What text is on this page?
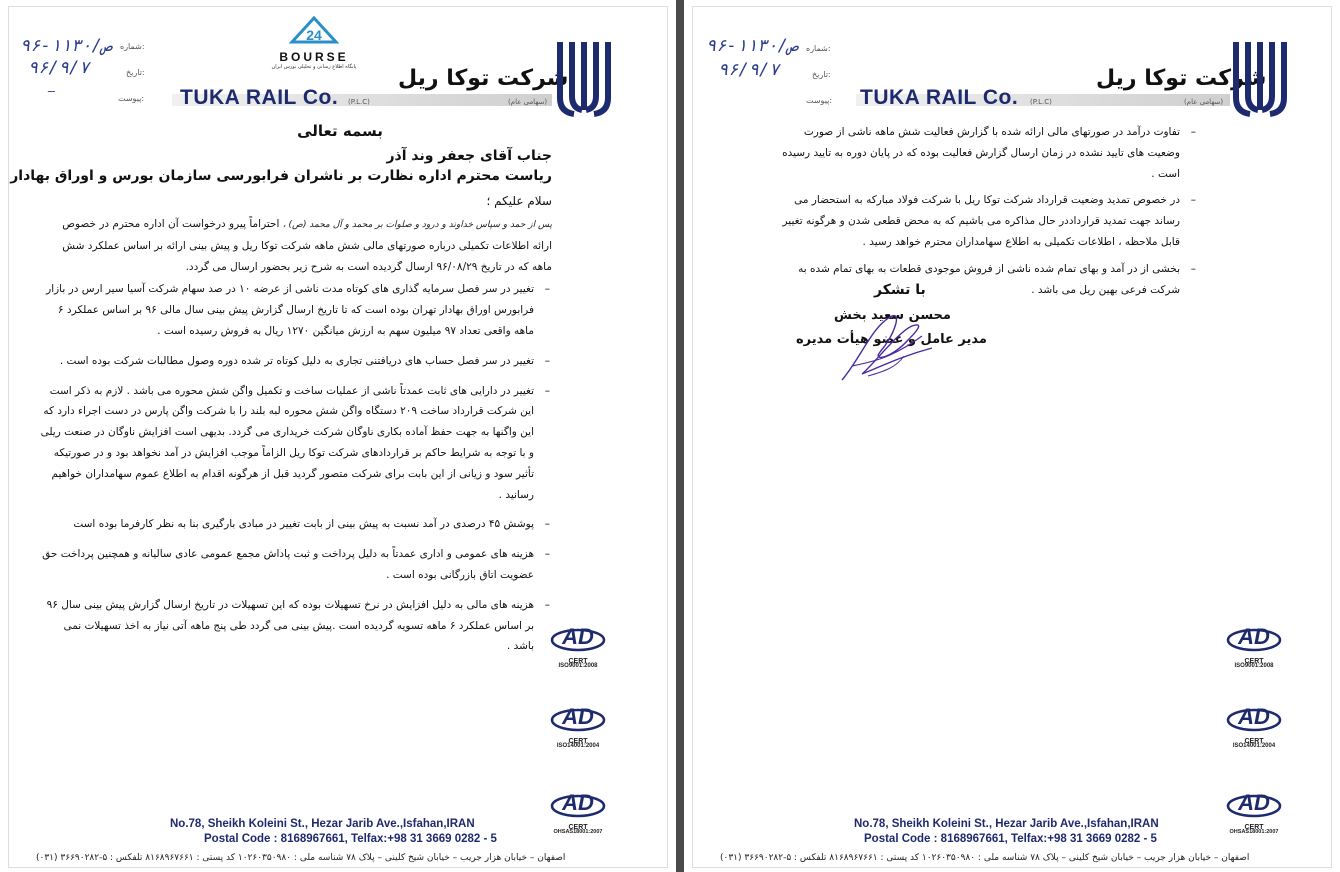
۹۶-۱۱۳۰/ص شماره:
۹۶/۹/۷	تاریخ:
—
پیوست:
24
BOURSE
پایگاه اطلاع رسانی و تحلیلی بورس ایران	شرکت توکا ریل
TUKA RAIL Co. (P.L.C)	(سهامی عام)
بسمه تعالی
جناب آقای جعفر وند آذر
ریاست محترم اداره نظارت بر ناشران فرابورسی سازمان بورس و اوراق بهادار
سلام علیکم ؛

پس از حمد و سپاس خداوند و درود و صلوات بر محمد و آل محمد (ص) ، احتراماً پیرو درخواست آن اداره محترم در خصوص ارائه اطلاعات تکمیلی درباره صورتهای مالی شش ماهه شرکت توکا ریل و پیش بینی ارائه بر اساس عملکرد شش ماهه که در تاریخ ۹۶/۰۸/۲۹ ارسال گردیده است به شرح زیر بحضور ارسال می گردد.

–
تغییر در سر فصل سرمایه گذاری های کوتاه مدت ناشی از عرضه ۱۰ در صد سهام شرکت آسیا سیر ارس در بازار فرابورس اوراق بهادار تهران بوده است که تا تاریخ ارسال گزارش پیش بینی سال مالی ۹۶ بر اساس عملکرد ۶ ماهه واقعی تعداد ۹۷ میلیون سهم به ارزش میانگین ۱۲۷۰ ریال به فروش رسیده است .

–
تغییر در سر فصل حساب های دریافتنی تجاری به دلیل کوتاه تر شده دوره وصول مطالبات شرکت بوده است .

–
تغییر در دارایی های ثابت عمدتاً ناشی از عملیات ساخت و تکمیل واگن شش محوره می باشد . لازم به ذکر است این شرکت قرارداد ساخت ۲۰۹ دستگاه واگن شش محوره لبه بلند را با شرکت واگن پارس در دست اجراء دارد که این واگنها به جهت حفظ آماده بکاری ناوگان شرکت خریداری می گردد. بدیهی است افزایش ناوگان در صنعت ریلی و با توجه به شرایط حاکم بر قراردادهای شرکت توکا ریل الزاماً موجب افزایش در آمد نخواهد بود و در صورتیکه تأثیر سود و زیانی از این بابت برای شرکت متصور گردید قبل از هرگونه اقدام به اطلاع عموم سهامداران خواهیم رسانید .

–
پوشش ۴۵ درصدی در آمد نسبت به پیش بینی از بابت تغییر در مبادی بارگیری بنا به نظر کارفرما بوده است

–
هزینه های عمومی و اداری عمدتاً به دلیل پرداخت و ثبت پاداش مجمع عمومی عادی سالیانه و همچنین پرداخت حق عضویت اتاق بازرگانی بوده است .

–
هزینه های مالی به دلیل افزایش در نرخ تسهیلات بوده که این تسهیلات در تاریخ ارسال گزارش پیش بینی سال ۹۶ بر اساس عملکرد ۶ ماهه تسویه گردیده است .پیش بینی می گردد طی پنج ماهه آتی نیاز به اخذ تسهیلات نمی باشد . AD
CERT
ISO9001:2008
AD
CERT
ISO14001:2004
AD
CERT
OHSAS18001:2007
No.78, Sheikh Koleini St., Hezar Jarib Ave.,Isfahan,IRAN
Postal Code : 8168967661, Telfax:+98 31 3669 0282 - 5
اصفهان – خیابان هزار جریب – خیابان شیخ کلینی – پلاک ۷۸ شناسه ملی : ۱۰۲۶۰۳۵۰۹۸۰ کد پستی : ۸۱۶۸۹۶۷۶۶۱ تلفکس : ۵-۳۶۶۹۰۲۸۲ (۰۳۱)
۹۶-۱۱۳۰/ص شماره:
۹۶/۹/۷	تاریخ:
پیوست:
شرکت توکا ریل
TUKA RAIL Co. (P.L.C)	(سهامی عام)

–
تفاوت درآمد در صورتهای مالی ارائه شده با گزارش فعالیت شش ماهه ناشی از صورت وضعیت های تایید نشده در زمان ارسال گزارش فعالیت بوده که در پایان دوره به تایید رسیده است .

–
در خصوص تمدید وضعیت قرارداد شرکت توکا ریل با شرکت فولاد مبارکه به استحضار می رساند جهت تمدید قرارداددر حال مذاکره می باشیم که به محض قطعی شدن و هرگونه تغییر قابل ملاحظه ، اطلاعات تکمیلی به اطلاع سهامداران محترم خواهد رسید .

–
بخشی از در آمد و بهای تمام شده ناشی از فروش موجودی قطعات به بهای تمام شده به شرکت فرعی بهین ریل می باشد .

با تشکر
محسن سعید بخش
مدیر عامل و عضو هیأت مدیره
AD
CERT
ISO9001:2008
AD
CERT
ISO14001:2004
AD
CERT
OHSAS18001:2007
No.78, Sheikh Koleini St., Hezar Jarib Ave.,Isfahan,IRAN
Postal Code : 8168967661, Telfax:+98 31 3669 0282 - 5
اصفهان – خیابان هزار جریب – خیابان شیخ کلینی – پلاک ۷۸ شناسه ملی : ۱۰۲۶۰۳۵۰۹۸۰ کد پستی : ۸۱۶۸۹۶۷۶۶۱ تلفکس : ۵-۳۶۶۹۰۲۸۲ (۰۳۱)
